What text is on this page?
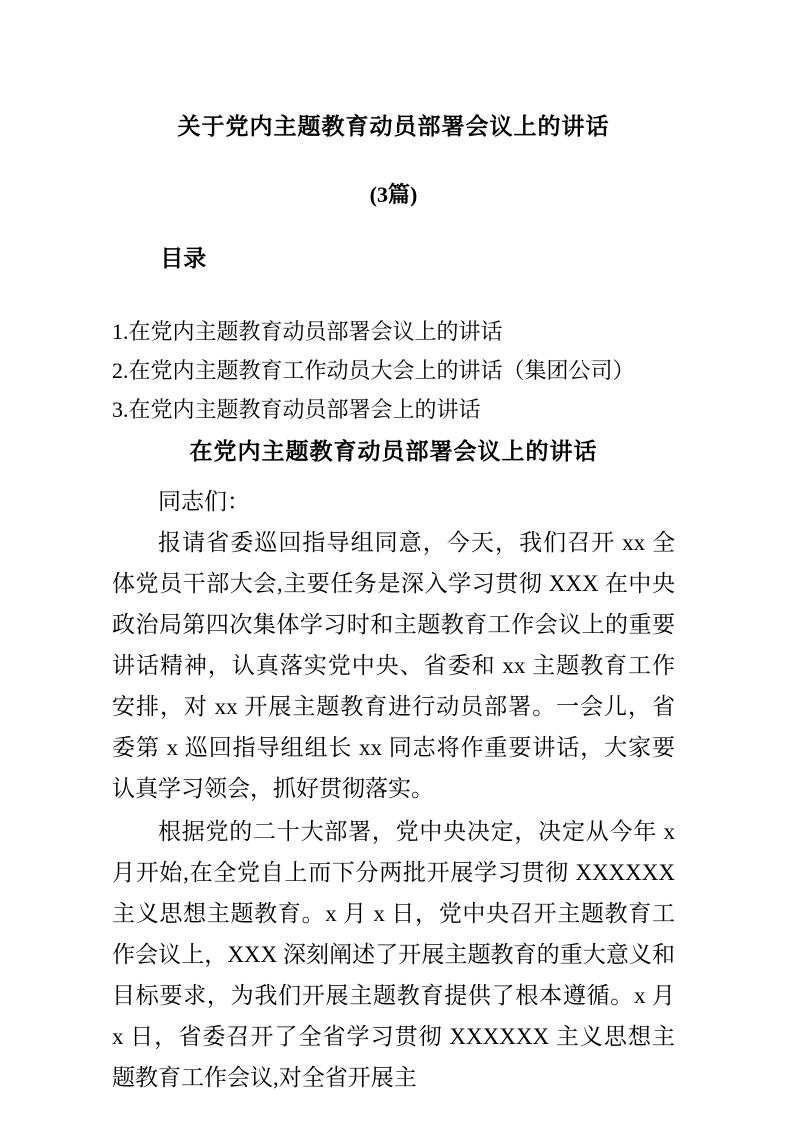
关于党内主题教育动员部署会议上的讲话
(3篇)
目录
1.在党内主题教育动员部署会议上的讲话
2.在党内主题教育工作动员大会上的讲话（集团公司）
3.在党内主题教育动员部署会上的讲话
在党内主题教育动员部署会议上的讲话

同志们：

报请省委巡回指导组同意，今天，我们召开 xx 全体党员干部大会,主要任务是深入学习贯彻 XXX 在中央政治局第四次集体学习时和主题教育工作会议上的重要讲话精神，认真落实党中央、省委和 xx 主题教育工作安排，对 xx 开展主题教育进行动员部署。一会儿，省委第 x 巡回指导组组长 xx 同志将作重要讲话，大家要认真学习领会，抓好贯彻落实。

根据党的二十大部署，党中央决定，决定从今年 x 月开始,在全党自上而下分两批开展学习贯彻 XXXXXX 主义思想主题教育。x 月 x 日，党中央召开主题教育工作会议上，XXX 深刻阐述了开展主题教育的重大意义和目标要求，为我们开展主题教育提供了根本遵循。x 月 x 日，省委召开了全省学习贯彻 XXXXXX 主义思想主题教育工作会议,对全省开展主
